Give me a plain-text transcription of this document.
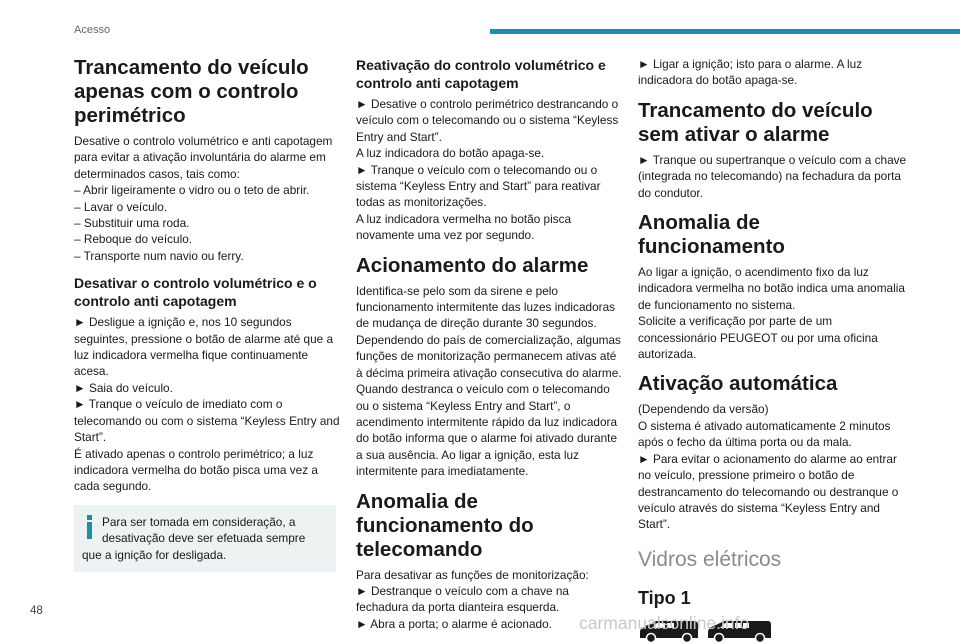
Acesso
Trancamento do veículo apenas com o controlo perimétrico

Desative o controlo volumétrico e anti capotagem para evitar a ativação involuntária do alarme em determinados casos, tais como:
– Abrir ligeiramente o vidro ou o teto de abrir.
– Lavar o veículo.
– Substituir uma roda.
– Reboque do veículo.
– Transporte num navio ou ferry.

Desativar o controlo volumétrico e o controlo anti capotagem

► Desligue a ignição e, nos 10 segundos seguintes, pressione o botão de alarme até que a luz indicadora vermelha fique continuamente acesa.
► Saia do veículo.
► Tranque o veículo de imediato com o telecomando ou com o sistema “Keyless Entry and Start”.
É ativado apenas o controlo perimétrico; a luz indicadora vermelha do botão pisca uma vez a cada segundo.

Para ser tomada em consideração, a desativação deve ser efetuada sempre que a ignição for desligada.
Reativação do controlo volumétrico e controlo anti capotagem

► Desative o controlo perimétrico destrancando o veículo com o telecomando ou o sistema “Keyless Entry and Start”.
A luz indicadora do botão apaga-se.
► Tranque o veículo com o telecomando ou o sistema “Keyless Entry and Start” para reativar todas as monitorizações.
A luz indicadora vermelha no botão pisca novamente uma vez por segundo.

Acionamento do alarme

Identifica-se pelo som da sirene e pelo funcionamento intermitente das luzes indicadoras de mudança de direção durante 30 segundos.
Dependendo do país de comercialização, algumas funções de monitorização permanecem ativas até à décima primeira ativação consecutiva do alarme.
Quando destranca o veículo com o telecomando ou o sistema “Keyless Entry and Start”, o acendimento intermitente rápido da luz indicadora do botão informa que o alarme foi ativado durante a sua ausência. Ao ligar a ignição, esta luz intermitente para imediatamente.

Anomalia de funcionamento do telecomando

Para desativar as funções de monitorização:
► Destranque o veículo com a chave na fechadura da porta dianteira esquerda.
► Abra a porta; o alarme é acionado.

► Ligar a ignição; isto para o alarme. A luz indicadora do botão apaga-se.

Trancamento do veículo sem ativar o alarme

► Tranque ou supertranque o veículo com a chave (integrada no telecomando) na fechadura da porta do condutor.

Anomalia de funcionamento

Ao ligar a ignição, o acendimento fixo da luz indicadora vermelha no botão indica uma anomalia de funcionamento no sistema.
Solicite a verificação por parte de um concessionário PEUGEOT ou por uma oficina autorizada.

Ativação automática

(Dependendo da versão)
O sistema é ativado automaticamente 2 minutos após o fecho da última porta ou da mala.
► Para evitar o acionamento do alarme ao entrar no veículo, pressione primeiro o botão de destrancamento do telecomando ou destranque o veículo através do sistema “Keyless Entry and Start”.

Vidros elétricos
Tipo 1
48
carmanualsonline.info
